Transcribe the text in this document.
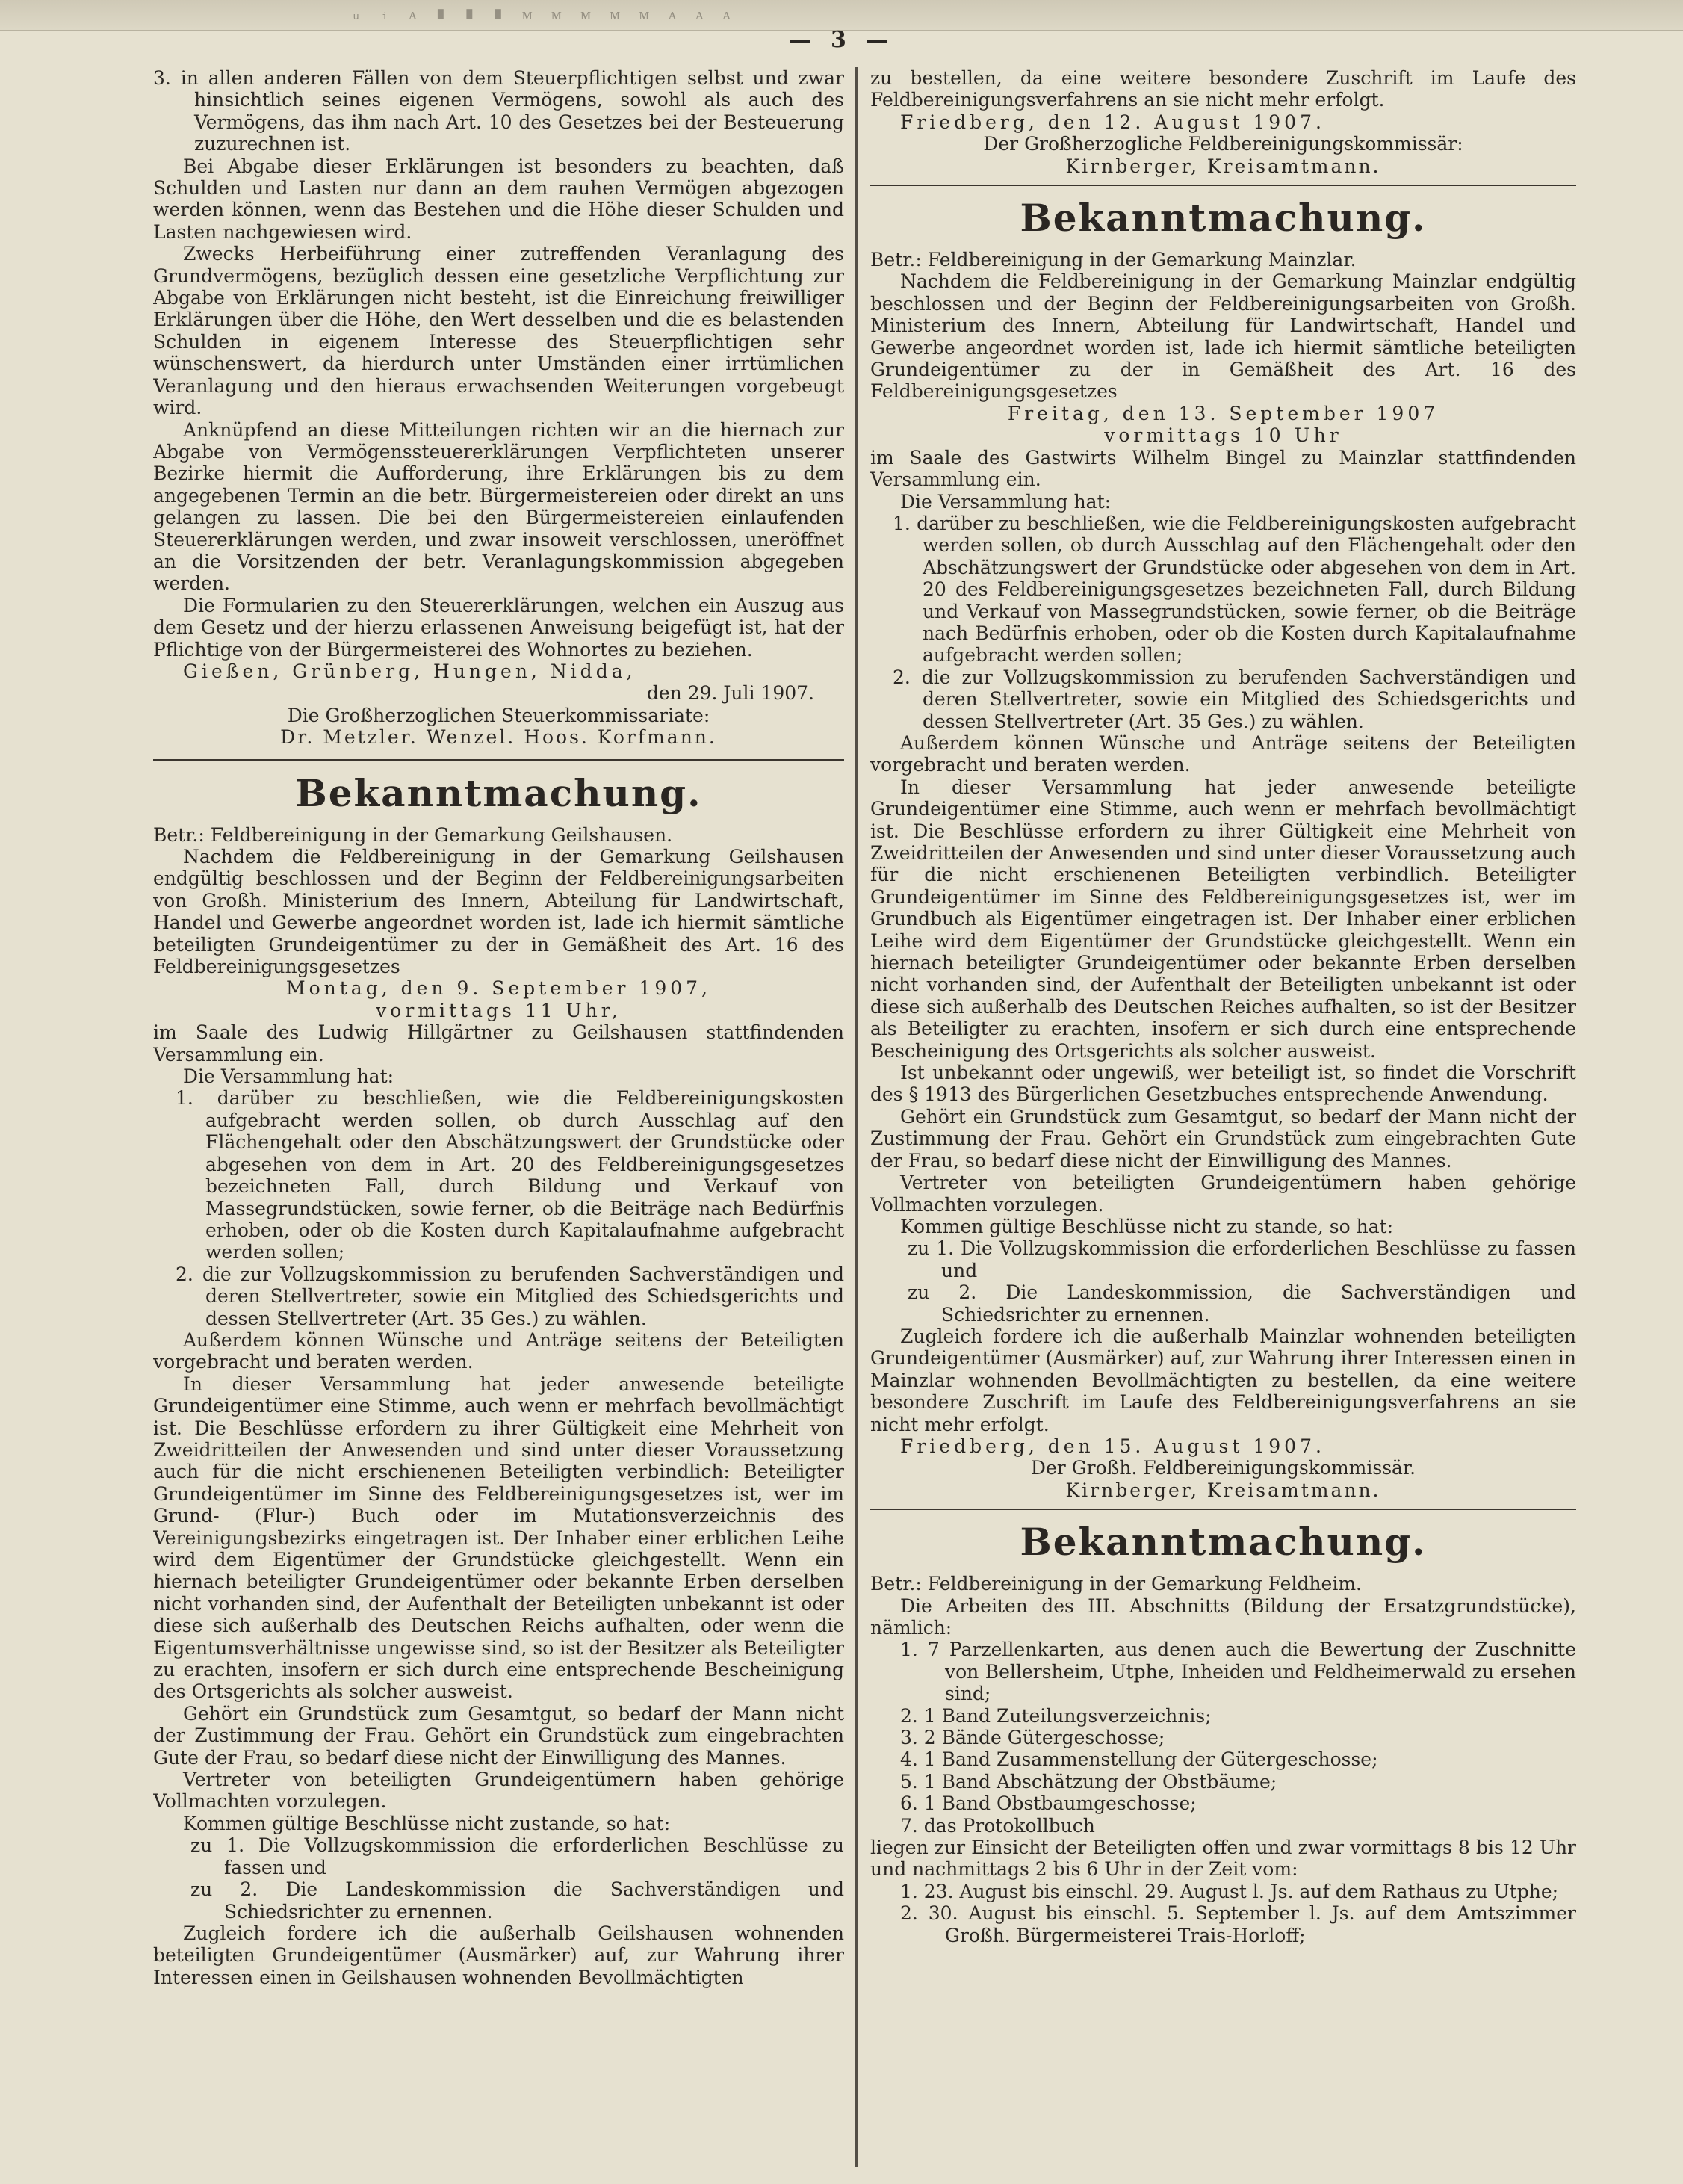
ᵤ ᵢ ᴀ ∎ ∎ ∎ ᴍ ᴍ ᴍ ᴍ ᴍ ᴀ ᴀ ᴀ
— 3 —

3. in allen anderen Fällen von dem Steuerpflichtigen selbst und zwar hinsichtlich seines eigenen Vermögens, sowohl als auch des Vermögens, das ihm nach Art. 10 des Gesetzes bei der Besteuerung zuzurechnen ist.

Bei Abgabe dieser Erklärungen ist besonders zu beachten, daß Schulden und Lasten nur dann an dem rauhen Vermögen abgezogen werden können, wenn das Bestehen und die Höhe dieser Schulden und Lasten nachgewiesen wird.

Zwecks Herbeiführung einer zutreffenden Veranlagung des Grundvermögens, bezüglich dessen eine gesetzliche Verpflichtung zur Abgabe von Erklärungen nicht besteht, ist die Einreichung freiwilliger Erklärungen über die Höhe, den Wert desselben und die es belastenden Schulden in eigenem Interesse des Steuerpflichtigen sehr wünschenswert, da hierdurch unter Umständen einer irrtümlichen Veranlagung und den hieraus erwachsenden Weiterungen vorgebeugt wird.

Anknüpfend an diese Mitteilungen richten wir an die hiernach zur Abgabe von Vermögenssteuererklärungen Verpflichteten unserer Bezirke hiermit die Aufforderung, ihre Erklärungen bis zu dem angegebenen Termin an die betr. Bürgermeistereien oder direkt an uns gelangen zu lassen. Die bei den Bürgermeistereien einlaufenden Steuererklärungen werden, und zwar insoweit verschlossen, uneröffnet an die Vorsitzenden der betr. Veranlagungskommission abgegeben werden.

Die Formularien zu den Steuererklärungen, welchen ein Auszug aus dem Gesetz und der hierzu erlassenen Anweisung beigefügt ist, hat der Pflichtige von der Bürgermeisterei des Wohnortes zu beziehen.

Gießen, Grünberg, Hungen, Nidda,

den 29. Juli 1907.

Die Großherzoglichen Steuerkommissariate:

Dr. Metzler. Wenzel. Hoos. Korfmann.

Bekanntmachung.

Betr.: Feldbereinigung in der Gemarkung Geilshausen.

Nachdem die Feldbereinigung in der Gemarkung Geilshausen endgültig beschlossen und der Beginn der Feldbereinigungsarbeiten von Großh. Ministerium des Innern, Abteilung für Landwirtschaft, Handel und Gewerbe angeordnet worden ist, lade ich hiermit sämtliche beteiligten Grundeigentümer zu der in Gemäßheit des Art. 16 des Feldbereinigungsgesetzes

Montag, den 9. September 1907,

vormittags 11 Uhr,

im Saale des Ludwig Hillgärtner zu Geilshausen stattfindenden Versammlung ein.

Die Versammlung hat:

1. darüber zu beschließen, wie die Feldbereinigungskosten aufgebracht werden sollen, ob durch Ausschlag auf den Flächengehalt oder den Abschätzungswert der Grundstücke oder abgesehen von dem in Art. 20 des Feldbereinigungsgesetzes bezeichneten Fall, durch Bildung und Verkauf von Massegrundstücken, sowie ferner, ob die Beiträge nach Bedürfnis erhoben, oder ob die Kosten durch Kapitalaufnahme aufgebracht werden sollen;

2. die zur Vollzugskommission zu berufenden Sachverständigen und deren Stellvertreter, sowie ein Mitglied des Schiedsgerichts und dessen Stellvertreter (Art. 35 Ges.) zu wählen.

Außerdem können Wünsche und Anträge seitens der Beteiligten vorgebracht und beraten werden.

In dieser Versammlung hat jeder anwesende beteiligte Grundeigentümer eine Stimme, auch wenn er mehrfach bevollmächtigt ist. Die Beschlüsse erfordern zu ihrer Gültigkeit eine Mehrheit von Zweidritteilen der Anwesenden und sind unter dieser Voraussetzung auch für die nicht erschienenen Beteiligten verbindlich: Beteiligter Grundeigentümer im Sinne des Feldbereinigungsgesetzes ist, wer im Grund- (Flur-) Buch oder im Mutationsverzeichnis des Vereinigungsbezirks eingetragen ist. Der Inhaber einer erblichen Leihe wird dem Eigentümer der Grundstücke gleichgestellt. Wenn ein hiernach beteiligter Grundeigentümer oder bekannte Erben derselben nicht vorhanden sind, der Aufenthalt der Beteiligten unbekannt ist oder diese sich außerhalb des Deutschen Reichs aufhalten, oder wenn die Eigentumsverhältnisse ungewisse sind, so ist der Besitzer als Beteiligter zu erachten, insofern er sich durch eine entsprechende Bescheinigung des Ortsgerichts als solcher ausweist.

Gehört ein Grundstück zum Gesamtgut, so bedarf der Mann nicht der Zustimmung der Frau. Gehört ein Grundstück zum eingebrachten Gute der Frau, so bedarf diese nicht der Einwilligung des Mannes.

Vertreter von beteiligten Grundeigentümern haben gehörige Vollmachten vorzulegen.

Kommen gültige Beschlüsse nicht zustande, so hat:

zu 1. Die Vollzugskommission die erforderlichen Beschlüsse zu fassen und

zu 2. Die Landeskommission die Sachverständigen und Schiedsrichter zu ernennen.

Zugleich fordere ich die außerhalb Geilshausen wohnenden beteiligten Grundeigentümer (Ausmärker) auf, zur Wahrung ihrer Interessen einen in Geilshausen wohnenden Bevollmächtigten

zu bestellen, da eine weitere besondere Zuschrift im Laufe des Feldbereinigungsverfahrens an sie nicht mehr erfolgt.

Friedberg, den 12. August 1907.

Der Großherzogliche Feldbereinigungskommissär:

Kirnberger, Kreisamtmann.

Bekanntmachung.

Betr.: Feldbereinigung in der Gemarkung Mainzlar.

Nachdem die Feldbereinigung in der Gemarkung Mainzlar endgültig beschlossen und der Beginn der Feldbereinigungsarbeiten von Großh. Ministerium des Innern, Abteilung für Landwirtschaft, Handel und Gewerbe angeordnet worden ist, lade ich hiermit sämtliche beteiligten Grundeigentümer zu der in Gemäßheit des Art. 16 des Feldbereinigungsgesetzes

Freitag, den 13. September 1907

vormittags 10 Uhr

im Saale des Gastwirts Wilhelm Bingel zu Mainzlar stattfindenden Versammlung ein.

Die Versammlung hat:

1. darüber zu beschließen, wie die Feldbereinigungskosten aufgebracht werden sollen, ob durch Ausschlag auf den Flächengehalt oder den Abschätzungswert der Grundstücke oder abgesehen von dem in Art. 20 des Feldbereinigungsgesetzes bezeichneten Fall, durch Bildung und Verkauf von Massegrundstücken, sowie ferner, ob die Beiträge nach Bedürfnis erhoben, oder ob die Kosten durch Kapitalaufnahme aufgebracht werden sollen;

2. die zur Vollzugskommission zu berufenden Sachverständigen und deren Stellvertreter, sowie ein Mitglied des Schiedsgerichts und dessen Stellvertreter (Art. 35 Ges.) zu wählen.

Außerdem können Wünsche und Anträge seitens der Beteiligten vorgebracht und beraten werden.

In dieser Versammlung hat jeder anwesende beteiligte Grundeigentümer eine Stimme, auch wenn er mehrfach bevollmächtigt ist. Die Beschlüsse erfordern zu ihrer Gültigkeit eine Mehrheit von Zweidritteilen der Anwesenden und sind unter dieser Voraussetzung auch für die nicht erschienenen Beteiligten verbindlich. Beteiligter Grundeigentümer im Sinne des Feldbereinigungsgesetzes ist, wer im Grundbuch als Eigentümer eingetragen ist. Der Inhaber einer erblichen Leihe wird dem Eigentümer der Grundstücke gleichgestellt. Wenn ein hiernach beteiligter Grundeigentümer oder bekannte Erben derselben nicht vorhanden sind, der Aufenthalt der Beteiligten unbekannt ist oder diese sich außerhalb des Deutschen Reiches aufhalten, so ist der Besitzer als Beteiligter zu erachten, insofern er sich durch eine entsprechende Bescheinigung des Ortsgerichts als solcher ausweist.

Ist unbekannt oder ungewiß, wer beteiligt ist, so findet die Vorschrift des § 1913 des Bürgerlichen Gesetzbuches entsprechende Anwendung.

Gehört ein Grundstück zum Gesamtgut, so bedarf der Mann nicht der Zustimmung der Frau. Gehört ein Grundstück zum eingebrachten Gute der Frau, so bedarf diese nicht der Einwilligung des Mannes.

Vertreter von beteiligten Grundeigentümern haben gehörige Vollmachten vorzulegen.

Kommen gültige Beschlüsse nicht zu stande, so hat:

zu 1. Die Vollzugskommission die erforderlichen Beschlüsse zu fassen und

zu 2. Die Landeskommission, die Sachverständigen und Schiedsrichter zu ernennen.

Zugleich fordere ich die außerhalb Mainzlar wohnenden beteiligten Grundeigentümer (Ausmärker) auf, zur Wahrung ihrer Interessen einen in Mainzlar wohnenden Bevollmächtigten zu bestellen, da eine weitere besondere Zuschrift im Laufe des Feldbereinigungsverfahrens an sie nicht mehr erfolgt.

Friedberg, den 15. August 1907.

Der Großh. Feldbereinigungskommissär.

Kirnberger, Kreisamtmann.

Bekanntmachung.

Betr.: Feldbereinigung in der Gemarkung Feldheim.

Die Arbeiten des III. Abschnitts (Bildung der Ersatzgrundstücke), nämlich:

1. 7 Parzellenkarten, aus denen auch die Bewertung der Zuschnitte von Bellersheim, Utphe, Inheiden und Feldheimerwald zu ersehen sind;

2. 1 Band Zuteilungsverzeichnis;

3. 2 Bände Gütergeschosse;

4. 1 Band Zusammenstellung der Gütergeschosse;

5. 1 Band Abschätzung der Obstbäume;

6. 1 Band Obstbaumgeschosse;

7. das Protokollbuch

liegen zur Einsicht der Beteiligten offen und zwar vormittags 8 bis 12 Uhr und nachmittags 2 bis 6 Uhr in der Zeit vom:

1. 23. August bis einschl. 29. August l. Js. auf dem Rathaus zu Utphe;

2. 30. August bis einschl. 5. September l. Js. auf dem Amtszimmer Großh. Bürgermeisterei Trais-Horloff;
